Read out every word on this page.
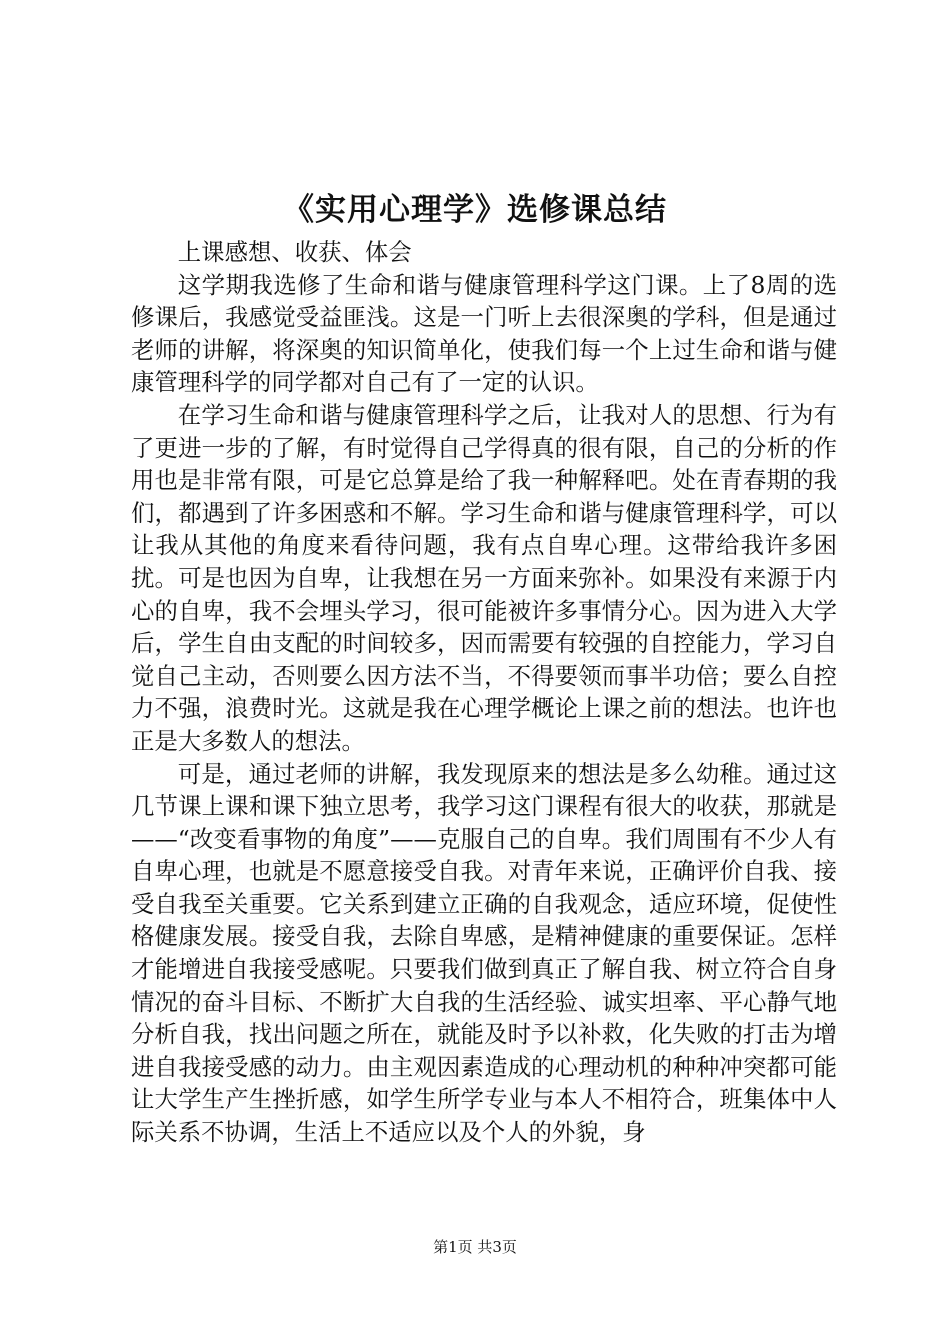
《实用心理学》选修课总结

上课感想、收获、体会

这学期我选修了生命和谐与健康管理科学这门课。上了8周的选修课后，我感觉受益匪浅。这是一门听上去很深奥的学科，但是通过老师的讲解，将深奥的知识简单化，使我们每一个上过生命和谐与健康管理科学的同学都对自己有了一定的认识。

在学习生命和谐与健康管理科学之后，让我对人的思想、行为有了更进一步的了解，有时觉得自己学得真的很有限，自己的分析的作用也是非常有限，可是它总算是给了我一种解释吧。处在青春期的我们，都遇到了许多困惑和不解。学习生命和谐与健康管理科学，可以让我从其他的角度来看待问题，我有点自卑心理。这带给我许多困扰。可是也因为自卑，让我想在另一方面来弥补。如果没有来源于内心的自卑，我不会埋头学习，很可能被许多事情分心。因为进入大学后，学生自由支配的时间较多，因而需要有较强的自控能力，学习自觉自己主动，否则要么因方法不当，不得要领而事半功倍；要么自控力不强，浪费时光。这就是我在心理学概论上课之前的想法。也许也正是大多数人的想法。

可是，通过老师的讲解，我发现原来的想法是多么幼稚。通过这几节课上课和课下独立思考，我学习这门课程有很大的收获，那就是——“改变看事物的角度”——克服自己的自卑。我们周围有不少人有自卑心理，也就是不愿意接受自我。对青年来说，正确评价自我、接受自我至关重要。它关系到建立正确的自我观念，适应环境，促使性格健康发展。接受自我，去除自卑感，是精神健康的重要保证。怎样才能增进自我接受感呢。只要我们做到真正了解自我、树立符合自身情况的奋斗目标、不断扩大自我的生活经验、诚实坦率、平心静气地分析自我，找出问题之所在，就能及时予以补救，化失败的打击为增进自我接受感的动力。由主观因素造成的心理动机的种种冲突都可能让大学生产生挫折感，如学生所学专业与本人不相符合，班集体中人际关系不协调，生活上不适应以及个人的外貌，身

第1页 共3页
